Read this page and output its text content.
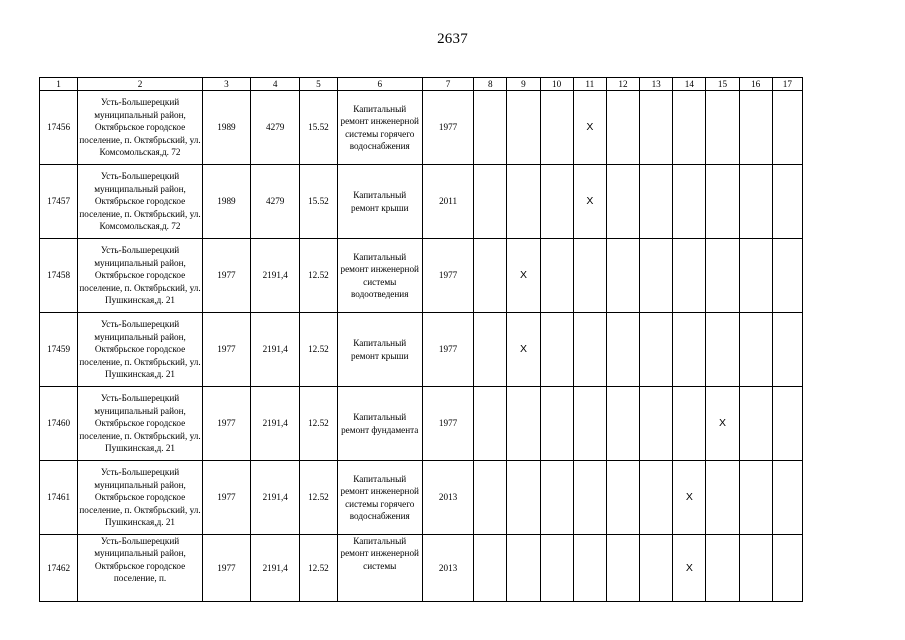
2637
1	2	3	4	5	6	7	8	9	10	11	12	13	14	15	16	17

17456	Усть-Большерецкий муниципальный район, Октябрьское городское поселение, п. Октябрьский, ул. Комсомольская,д. 72	1989	4279	15.52	Капитальный ремонт инженерной системы горячего водоснабжения	1977				X						

17457	Усть-Большерецкий муниципальный район, Октябрьское городское поселение, п. Октябрьский, ул. Комсомольская,д. 72	1989	4279	15.52	Капитальный ремонт крыши	2011				X						

17458	Усть-Большерецкий муниципальный район, Октябрьское городское поселение, п. Октябрьский, ул. Пушкинская,д. 21	1977	2191,4	12.52	Капитальный ремонт инженерной системы водоотведения	1977		X								

17459	Усть-Большерецкий муниципальный район, Октябрьское городское поселение, п. Октябрьский, ул. Пушкинская,д. 21	1977	2191,4	12.52	Капитальный ремонт крыши	1977		X								

17460	Усть-Большерецкий муниципальный район, Октябрьское городское поселение, п. Октябрьский, ул. Пушкинская,д. 21	1977	2191,4	12.52	Капитальный ремонт фундамента	1977								X		

17461	Усть-Большерецкий муниципальный район, Октябрьское городское поселение, п. Октябрьский, ул. Пушкинская,д. 21	1977	2191,4	12.52	Капитальный ремонт инженерной системы горячего водоснабжения	2013							X			

17462	Усть-Большерецкий муниципальный район, Октябрьское городское поселение, п.	1977	2191,4	12.52	Капитальный ремонт инженерной системы	2013							X			
